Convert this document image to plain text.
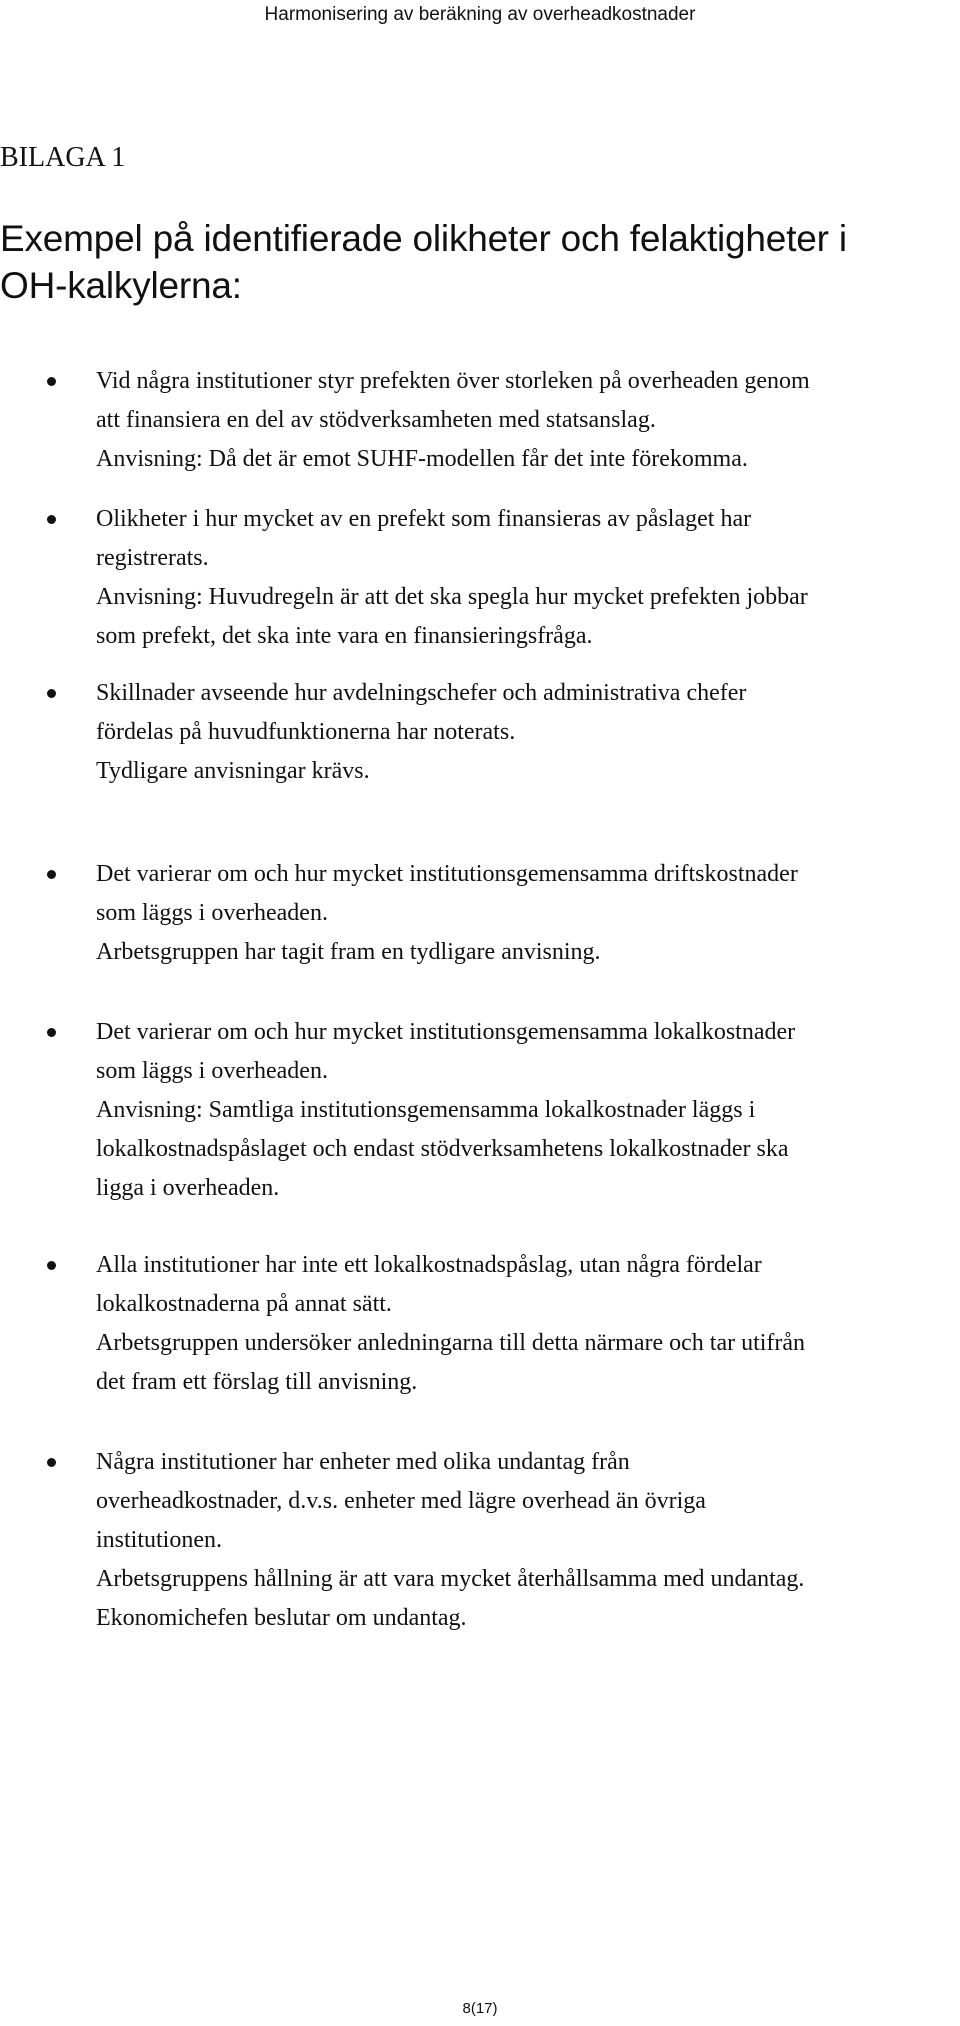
Harmonisering av beräkning av overheadkostnader
BILAGA 1
Exempel på identifierade olikheter och felaktigheter i
OH-kalkylerna:
Vid några institutioner styr prefekten över storleken på overheaden genom
att finansiera en del av stödverksamheten med statsanslag.
Anvisning: Då det är emot SUHF-modellen får det inte förekomma.
Olikheter i hur mycket av en prefekt som finansieras av påslaget har
registrerats.
Anvisning: Huvudregeln är att det ska spegla hur mycket prefekten jobbar
som prefekt, det ska inte vara en finansieringsfråga.
Skillnader avseende hur avdelningschefer och administrativa chefer
fördelas på huvudfunktionerna har noterats.
Tydligare anvisningar krävs.
Det varierar om och hur mycket institutionsgemensamma driftskostnader
som läggs i overheaden.
Arbetsgruppen har tagit fram en tydligare anvisning.
Det varierar om och hur mycket institutionsgemensamma lokalkostnader
som läggs i overheaden.
Anvisning: Samtliga institutionsgemensamma lokalkostnader läggs i
lokalkostnadspåslaget och endast stödverksamhetens lokalkostnader ska
ligga i overheaden.
Alla institutioner har inte ett lokalkostnadspåslag, utan några fördelar
lokalkostnaderna på annat sätt.
Arbetsgruppen undersöker anledningarna till detta närmare och tar utifrån
det fram ett förslag till anvisning.
Några institutioner har enheter med olika undantag från
overheadkostnader, d.v.s. enheter med lägre overhead än övriga
institutionen.
Arbetsgruppens hållning är att vara mycket återhållsamma med undantag.
Ekonomichefen beslutar om undantag.
8(17)
